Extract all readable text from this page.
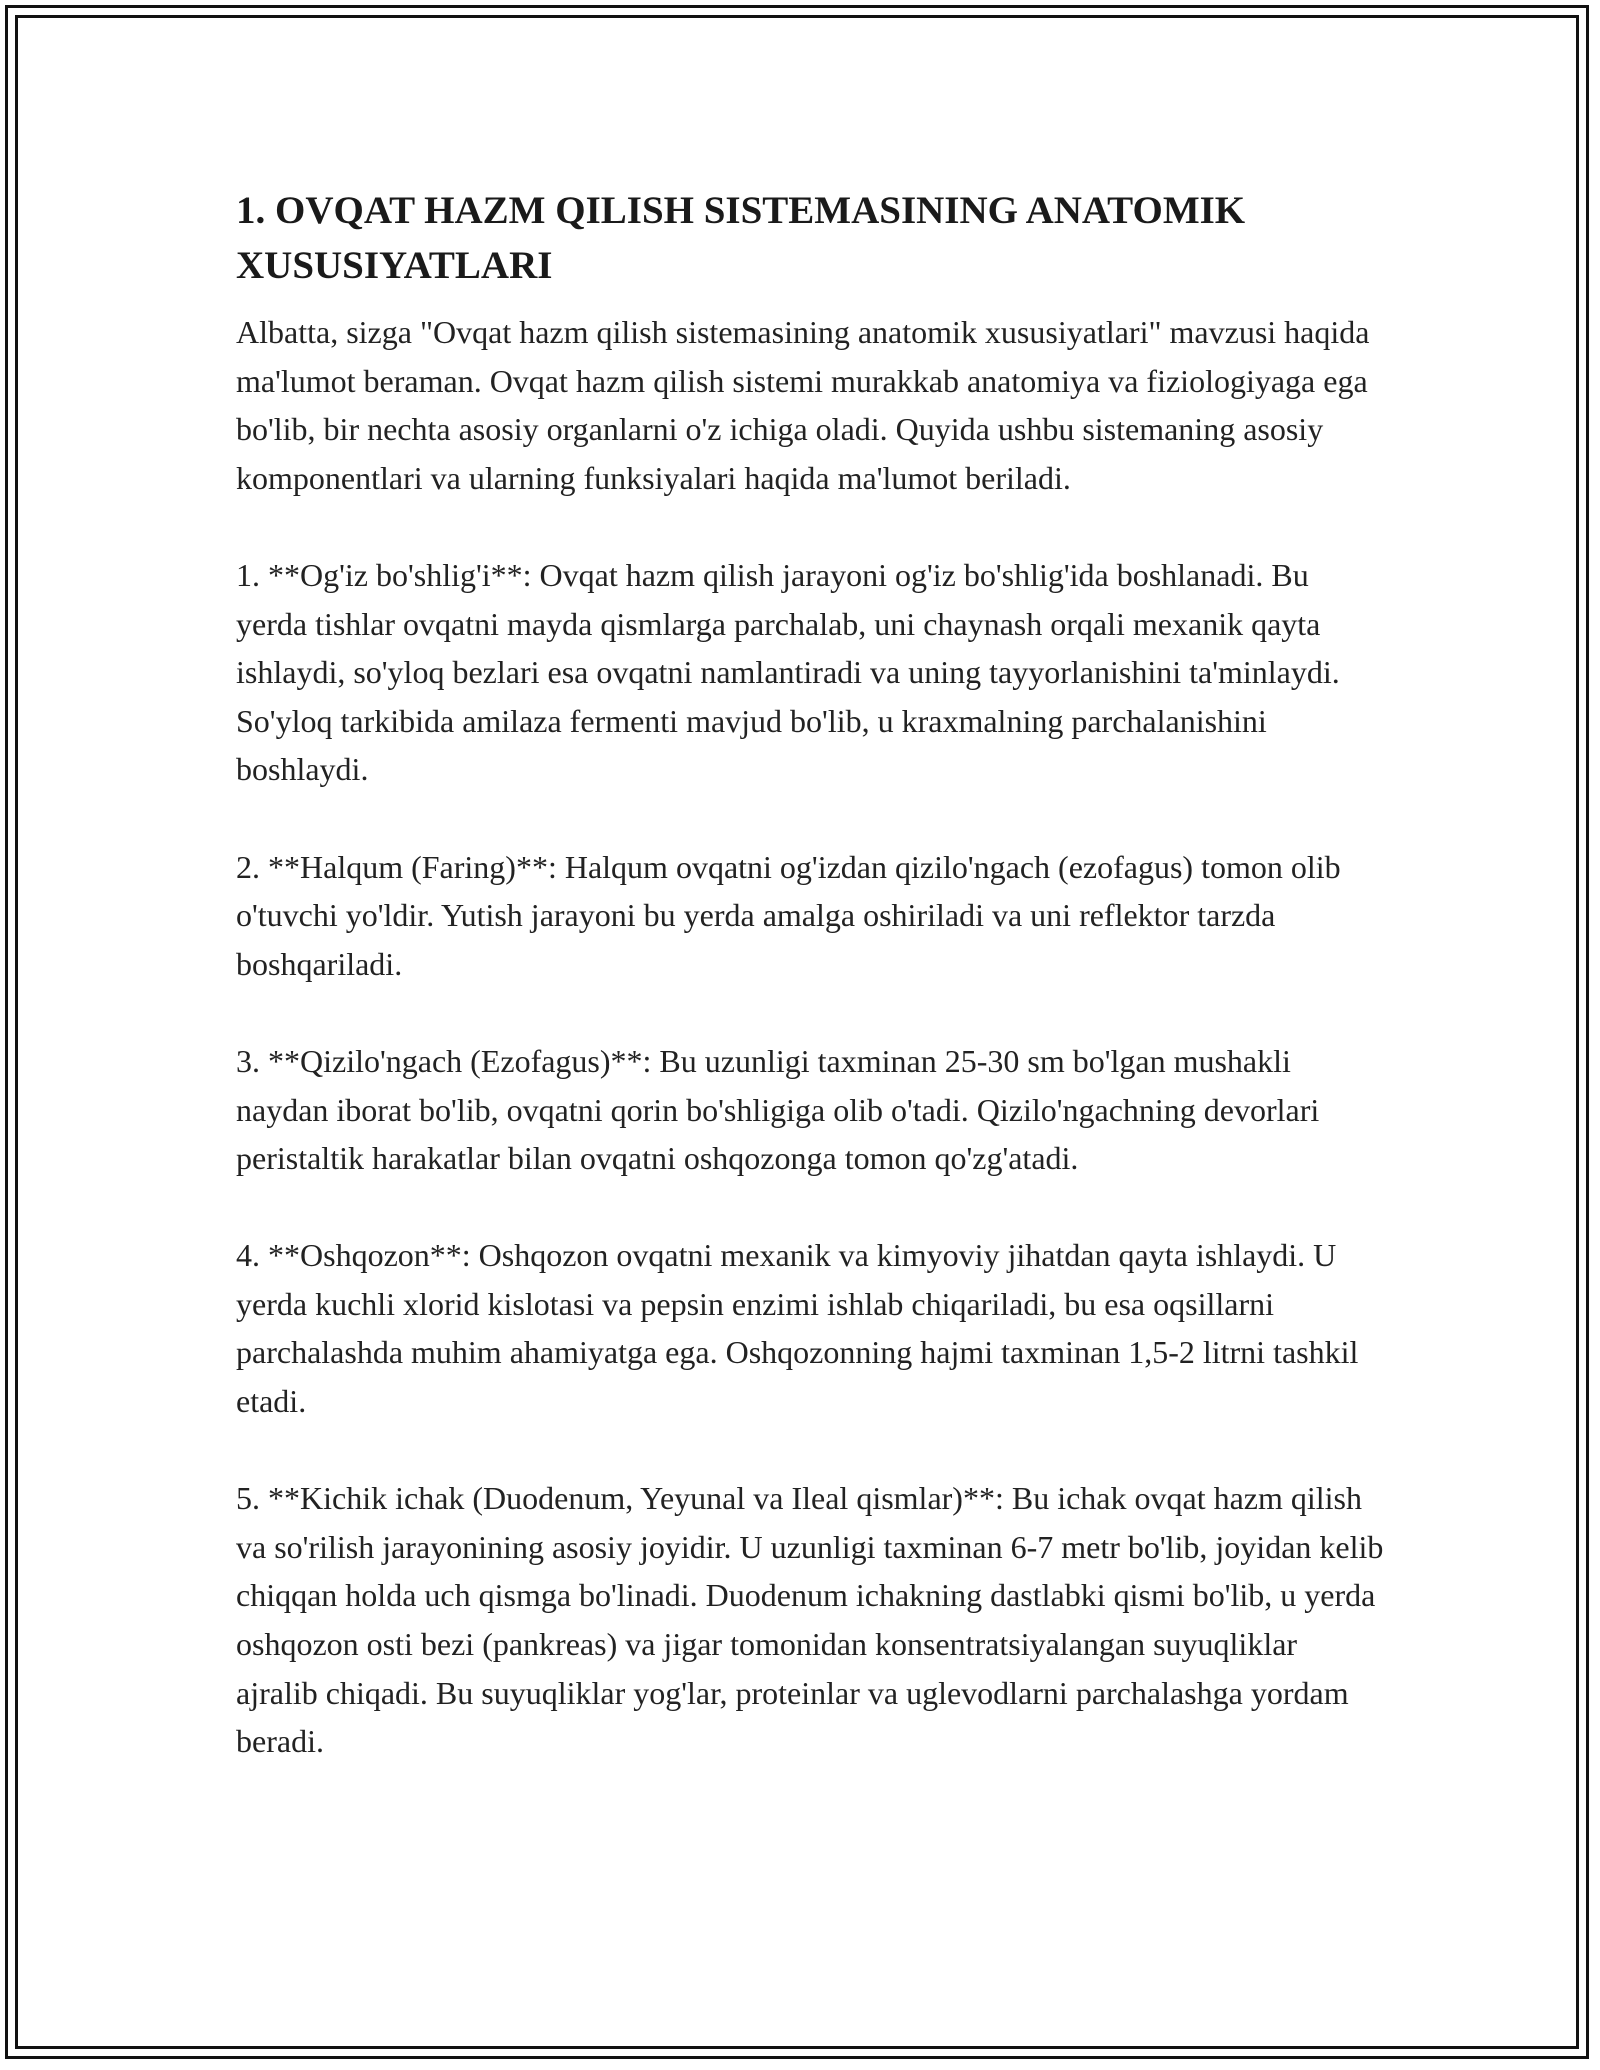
1. OVQAT HAZM QILISH SISTEMASINING ANATOMIK XUSUSIYATLARI

Albatta, sizga "Ovqat hazm qilish sistemasining anatomik xususiyatlari" mavzusi haqida ma'lumot beraman. Ovqat hazm qilish sistemi murakkab anatomiya va fiziologiyaga ega bo'lib, bir nechta asosiy organlarni o'z ichiga oladi. Quyida ushbu sistemaning asosiy komponentlari va ularning funksiyalari haqida ma'lumot beriladi.

1. **Og'iz bo'shlig'i**: Ovqat hazm qilish jarayoni og'iz bo'shlig'ida boshlanadi. Bu yerda tishlar ovqatni mayda qismlarga parchalab, uni chaynash orqali mexanik qayta ishlaydi, so'yloq bezlari esa ovqatni namlantiradi va uning tayyorlanishini ta'minlaydi. So'yloq tarkibida amilaza fermenti mavjud bo'lib, u kraxmalning parchalanishini boshlaydi.

2. **Halqum (Faring)**: Halqum ovqatni og'izdan qizilo'ngach (ezofagus) tomon olib o'tuvchi yo'ldir. Yutish jarayoni bu yerda amalga oshiriladi va uni reflektor tarzda boshqariladi.

3. **Qizilo'ngach (Ezofagus)**: Bu uzunligi taxminan 25-30 sm bo'lgan mushakli naydan iborat bo'lib, ovqatni qorin bo'shligiga olib o'tadi. Qizilo'ngachning devorlari peristaltik harakatlar bilan ovqatni oshqozonga tomon qo'zg'atadi.

4. **Oshqozon**: Oshqozon ovqatni mexanik va kimyoviy jihatdan qayta ishlaydi. U yerda kuchli xlorid kislotasi va pepsin enzimi ishlab chiqariladi, bu esa oqsillarni parchalashda muhim ahamiyatga ega. Oshqozonning hajmi taxminan 1,5-2 litrni tashkil etadi.

5. **Kichik ichak (Duodenum, Yeyunal va Ileal qismlar)**: Bu ichak ovqat hazm qilish va so'rilish jarayonining asosiy joyidir. U uzunligi taxminan 6-7 metr bo'lib, joyidan kelib chiqqan holda uch qismga bo'linadi. Duodenum ichakning dastlabki qismi bo'lib, u yerda oshqozon osti bezi (pankreas) va jigar tomonidan konsentratsiyalangan suyuqliklar ajralib chiqadi. Bu suyuqliklar yog'lar, proteinlar va uglevodlarni parchalashga yordam beradi.
